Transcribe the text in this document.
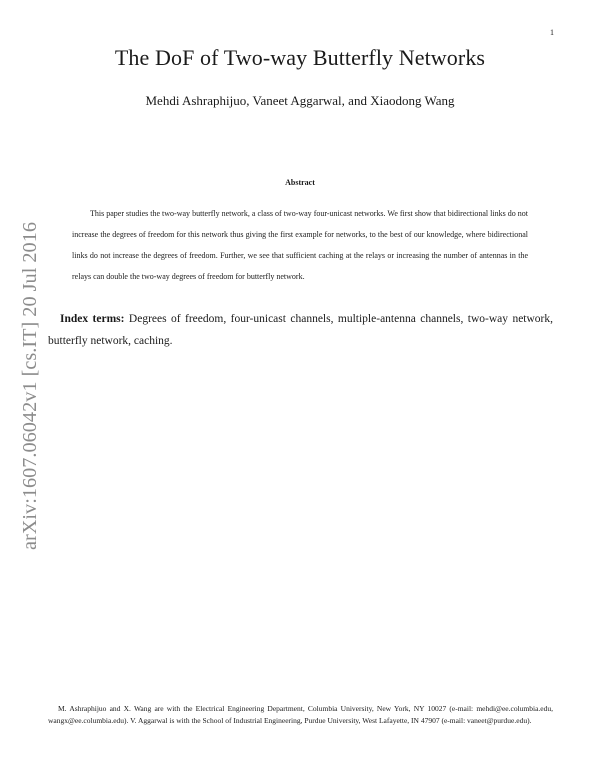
1
arXiv:1607.06042v1 [cs.IT] 20 Jul 2016
The DoF of Two-way Butterfly Networks
Mehdi Ashraphijuo, Vaneet Aggarwal, and Xiaodong Wang
Abstract

This paper studies the two-way butterfly network, a class of two-way four-unicast networks. We first show that bidirectional links do not increase the degrees of freedom for this network thus giving the first example for networks, to the best of our knowledge, where bidirectional links do not increase the degrees of freedom. Further, we see that sufficient caching at the relays or increasing the number of antennas in the relays can double the two-way degrees of freedom for butterfly network.

Index terms: Degrees of freedom, four-unicast channels, multiple-antenna channels, two-way network, butterfly network, caching.

M. Ashraphijuo and X. Wang are with the Electrical Engineering Department, Columbia University, New York, NY 10027 (e-mail: mehdi@ee.columbia.edu, wangx@ee.columbia.edu). V. Aggarwal is with the School of Industrial Engineering, Purdue University, West Lafayette, IN 47907 (e-mail: vaneet@purdue.edu).
